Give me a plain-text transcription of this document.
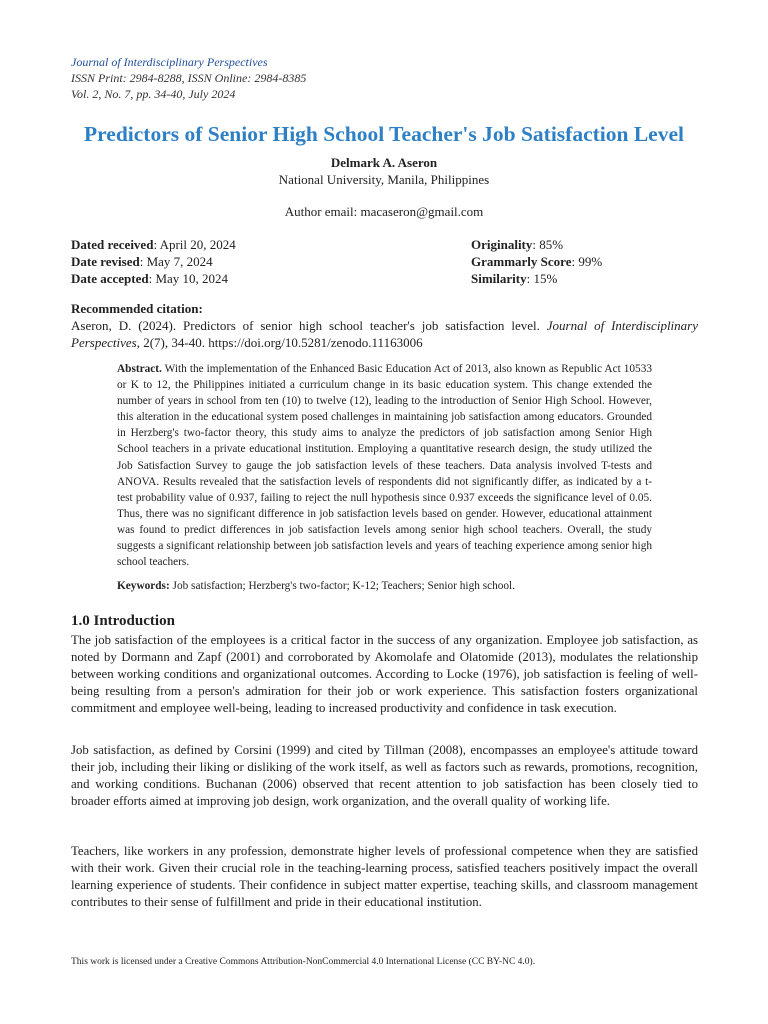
Journal of Interdisciplinary Perspectives
ISSN Print: 2984-8288, ISSN Online: 2984-8385
Vol. 2, No. 7, pp. 34-40, July 2024
Predictors of Senior High School Teacher's Job Satisfaction Level
Delmark A. Aseron
National University, Manila, Philippines
Author email: macaseron@gmail.com
Dated received: April 20, 2024
Date revised: May 7, 2024
Date accepted: May 10, 2024
Originality: 85%
Grammarly Score: 99%
Similarity: 15%
Recommended citation:
Aseron, D. (2024). Predictors of senior high school teacher's job satisfaction level. Journal of Interdisciplinary Perspectives, 2(7), 34-40. https://doi.org/10.5281/zenodo.11163006
Abstract. With the implementation of the Enhanced Basic Education Act of 2013, also known as Republic Act 10533 or K to 12, the Philippines initiated a curriculum change in its basic education system. This change extended the number of years in school from ten (10) to twelve (12), leading to the introduction of Senior High School. However, this alteration in the educational system posed challenges in maintaining job satisfaction among educators. Grounded in Herzberg's two-factor theory, this study aims to analyze the predictors of job satisfaction among Senior High School teachers in a private educational institution. Employing a quantitative research design, the study utilized the Job Satisfaction Survey to gauge the job satisfaction levels of these teachers. Data analysis involved T-tests and ANOVA. Results revealed that the satisfaction levels of respondents did not significantly differ, as indicated by a t-test probability value of 0.937, failing to reject the null hypothesis since 0.937 exceeds the significance level of 0.05. Thus, there was no significant difference in job satisfaction levels based on gender. However, educational attainment was found to predict differences in job satisfaction levels among senior high school teachers. Overall, the study suggests a significant relationship between job satisfaction levels and years of teaching experience among senior high school teachers.
Keywords: Job satisfaction; Herzberg's two-factor; K-12; Teachers; Senior high school.
1.0 Introduction

The job satisfaction of the employees is a critical factor in the success of any organization. Employee job satisfaction, as noted by Dormann and Zapf (2001) and corroborated by Akomolafe and Olatomide (2013), modulates the relationship between working conditions and organizational outcomes. According to Locke (1976), job satisfaction is feeling of well-being resulting from a person's admiration for their job or work experience. This satisfaction fosters organizational commitment and employee well-being, leading to increased productivity and confidence in task execution.

Job satisfaction, as defined by Corsini (1999) and cited by Tillman (2008), encompasses an employee's attitude toward their job, including their liking or disliking of the work itself, as well as factors such as rewards, promotions, recognition, and working conditions. Buchanan (2006) observed that recent attention to job satisfaction has been closely tied to broader efforts aimed at improving job design, work organization, and the overall quality of working life.

Teachers, like workers in any profession, demonstrate higher levels of professional competence when they are satisfied with their work. Given their crucial role in the teaching-learning process, satisfied teachers positively impact the overall learning experience of students. Their confidence in subject matter expertise, teaching skills, and classroom management contributes to their sense of fulfillment and pride in their educational institution.

This work is licensed under a Creative Commons Attribution-NonCommercial 4.0 International License (CC BY-NC 4.0).
